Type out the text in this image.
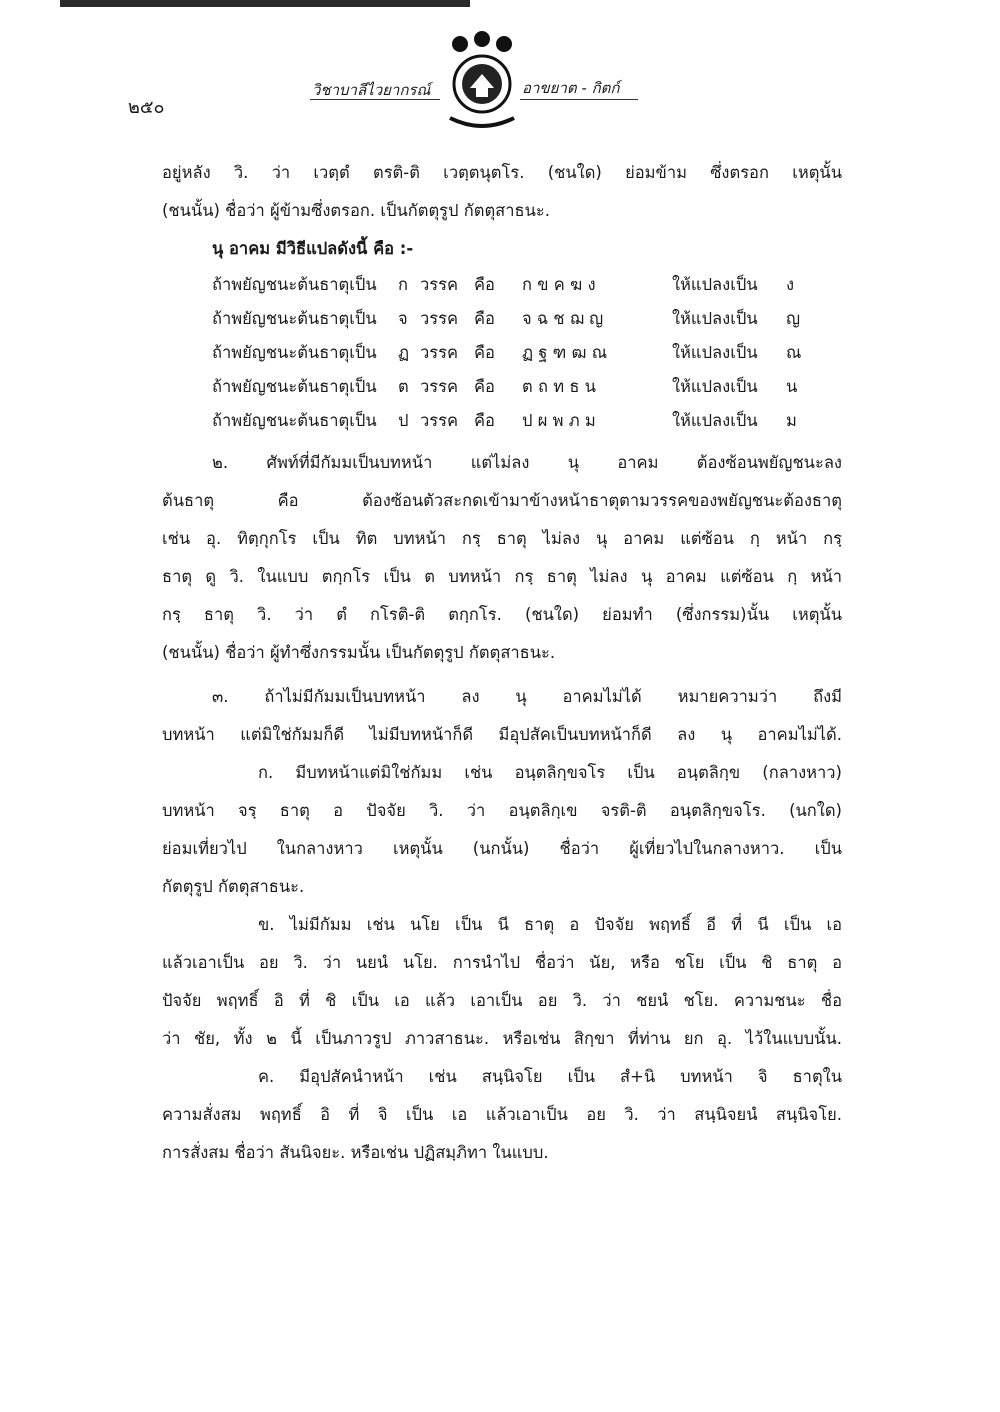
๒๕๐
วิชาบาลีไวยากรณ์	อาขยาต - กิตก์
อยู่หลัง วิ. ว่า เวตฺตํ ตรติ-ติ เวตฺตนุตโร. (ชนใด) ย่อมข้าม ซึ่งตรอก เหตุนั้น
(ชนนั้น) ชื่อว่า ผู้ข้ามซึ่งตรอก. เป็นกัตตุรูป กัตตุสาธนะ.
นุ อาคม มีวิธีแปลดังนี้ คือ :-
ถ้าพยัญชนะต้นธาตุเป็น	ก วรรค คือ	ก ข ค ฆ ง	ให้แปลงเป็น	ง
ถ้าพยัญชนะต้นธาตุเป็น	จ วรรค คือ	จ ฉ ช ฌ ญ	ให้แปลงเป็น	ญ
ถ้าพยัญชนะต้นธาตุเป็น	ฏ วรรค คือ	ฏ ฐ ฑ ฒ ณ	ให้แปลงเป็น	ณ
ถ้าพยัญชนะต้นธาตุเป็น	ต วรรค คือ	ต ถ ท ธ น	ให้แปลงเป็น	น
ถ้าพยัญชนะต้นธาตุเป็น	ป วรรค คือ	ป ผ พ ภ ม	ให้แปลงเป็น	ม
๒. ศัพท์ที่มีกัมมเป็นบทหน้า แต่ไม่ลง นุ อาคม ต้องซ้อนพยัญชนะลง
ต้นธาตุ คือ ต้องซ้อนตัวสะกดเข้ามาข้างหน้าธาตุตามวรรคของพยัญชนะต้องธาตุ
เช่น อุ. ทิตฺกุกโร เป็น ทิต บทหน้า กรฺ ธาตุ ไม่ลง นุ อาคม แต่ซ้อน กฺ หน้า กรฺ
ธาตุ ดู วิ. ในแบบ ตกฺกโร เป็น ต บทหน้า กรฺ ธาตุ ไม่ลง นุ อาคม แต่ซ้อน กฺ หน้า
กรฺ ธาตุ วิ. ว่า ตํ กโรติ-ติ ตกฺกโร. (ชนใด) ย่อมทำ (ซึ่งกรรม)นั้น เหตุนั้น
(ชนนั้น) ชื่อว่า ผู้ทำซึ่งกรรมนั้น เป็นกัตตุรูป กัตตุสาธนะ.
๓. ถ้าไม่มีกัมมเป็นบทหน้า ลง นุ อาคมไม่ได้ หมายความว่า ถึงมี
บทหน้า แต่มิใช่กัมมก็ดี ไม่มีบทหน้าก็ดี มีอุปสัคเป็นบทหน้าก็ดี ลง นุ อาคมไม่ได้.
ก. มีบทหน้าแต่มิใช่กัมม เช่น อนฺตลิกฺขจโร เป็น อนฺตลิกฺข (กลางหาว)
บทหน้า จรฺ ธาตุ อ ปัจจัย วิ. ว่า อนฺตลิกฺเข จรติ-ติ อนฺตลิกฺขจโร. (นกใด)
ย่อมเที่ยวไป ในกลางหาว เหตุนั้น (นกนั้น) ชื่อว่า ผู้เที่ยวไปในกลางหาว. เป็น
กัตตุรูป กัตตุสาธนะ.
ข. ไม่มีกัมม เช่น นโย เป็น นี ธาตุ อ ปัจจัย พฤทธิ์ อี ที่ นี เป็น เอ
แล้วเอาเป็น อย วิ. ว่า นยนํ นโย. การนำไป ชื่อว่า นัย, หรือ ชโย เป็น ชิ ธาตุ อ
ปัจจัย พฤทธิ์ อิ ที่ ชิ เป็น เอ แล้ว เอาเป็น อย วิ. ว่า ชยนํ ชโย. ความชนะ ชื่อ
ว่า ชัย, ทั้ง ๒ นี้ เป็นภาวรูป ภาวสาธนะ. หรือเช่น สิกฺขา ที่ท่าน ยก อุ. ไว้ในแบบนั้น.
ค. มีอุปสัคนำหน้า เช่น สนฺนิจโย เป็น สํ+นิ บทหน้า จิ ธาตุใน
ความสั่งสม พฤทธิ์ อิ ที่ จิ เป็น เอ แล้วเอาเป็น อย วิ. ว่า สนฺนิจยนํ สนฺนิจโย.
การสั่งสม ชื่อว่า สันนิจยะ. หรือเช่น ปฏิสมฺภิทา ในแบบ.
